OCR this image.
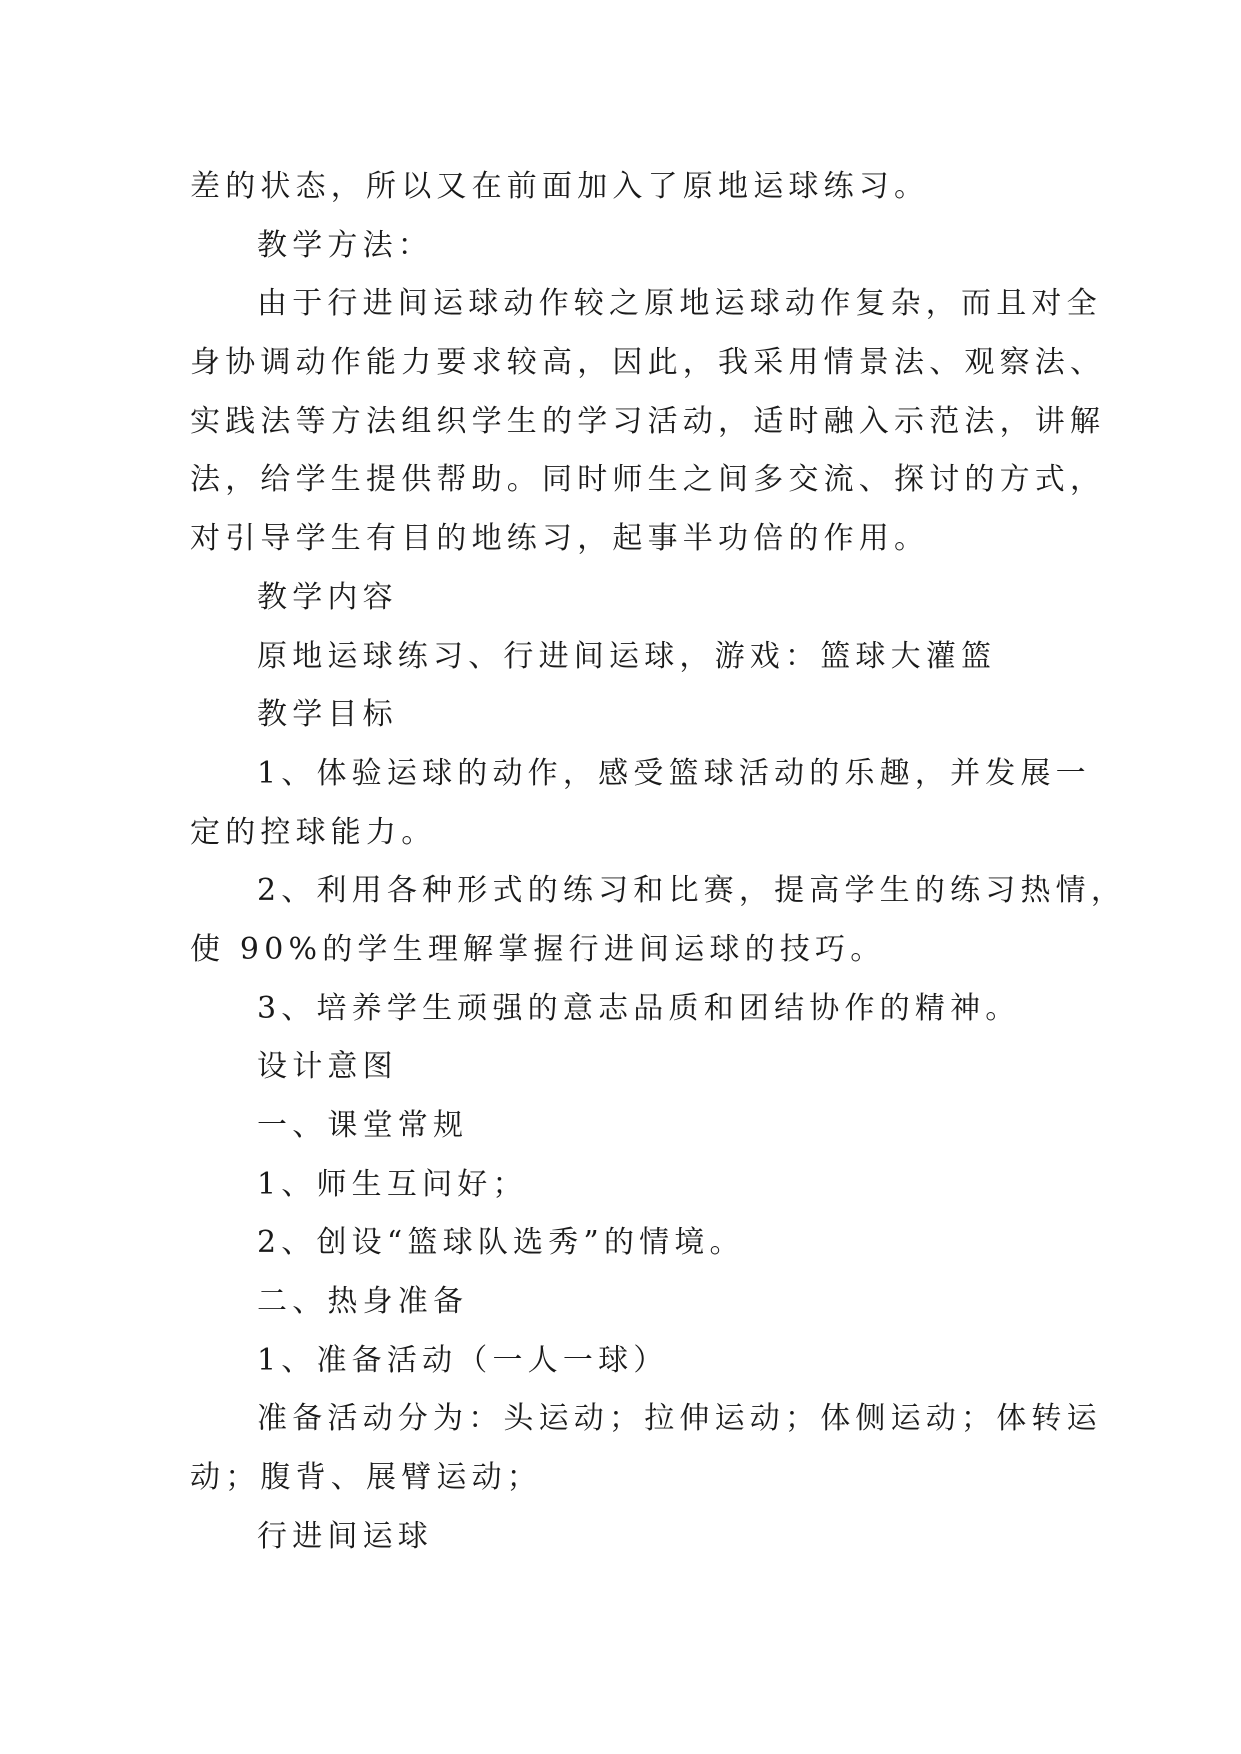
差的状态，所以又在前面加入了原地运球练习。
教学方法：
由于行进间运球动作较之原地运球动作复杂，而且对全
身协调动作能力要求较高，因此，我采用情景法、观察法、
实践法等方法组织学生的学习活动，适时融入示范法，讲解
法，给学生提供帮助。同时师生之间多交流、探讨的方式，
对引导学生有目的地练习，起事半功倍的作用。
教学内容
原地运球练习、行进间运球，游戏：篮球大灌篮
教学目标
1、体验运球的动作，感受篮球活动的乐趣，并发展一
定的控球能力。
2、利用各种形式的练习和比赛，提高学生的练习热情，
使 90%的学生理解掌握行进间运球的技巧。
3、培养学生顽强的意志品质和团结协作的精神。
设计意图
一、课堂常规
1、师生互问好；
2、创设“篮球队选秀”的情境。
二、热身准备
1、准备活动（一人一球）
准备活动分为：头运动；拉伸运动；体侧运动；体转运
动；腹背、展臂运动；
行进间运球
